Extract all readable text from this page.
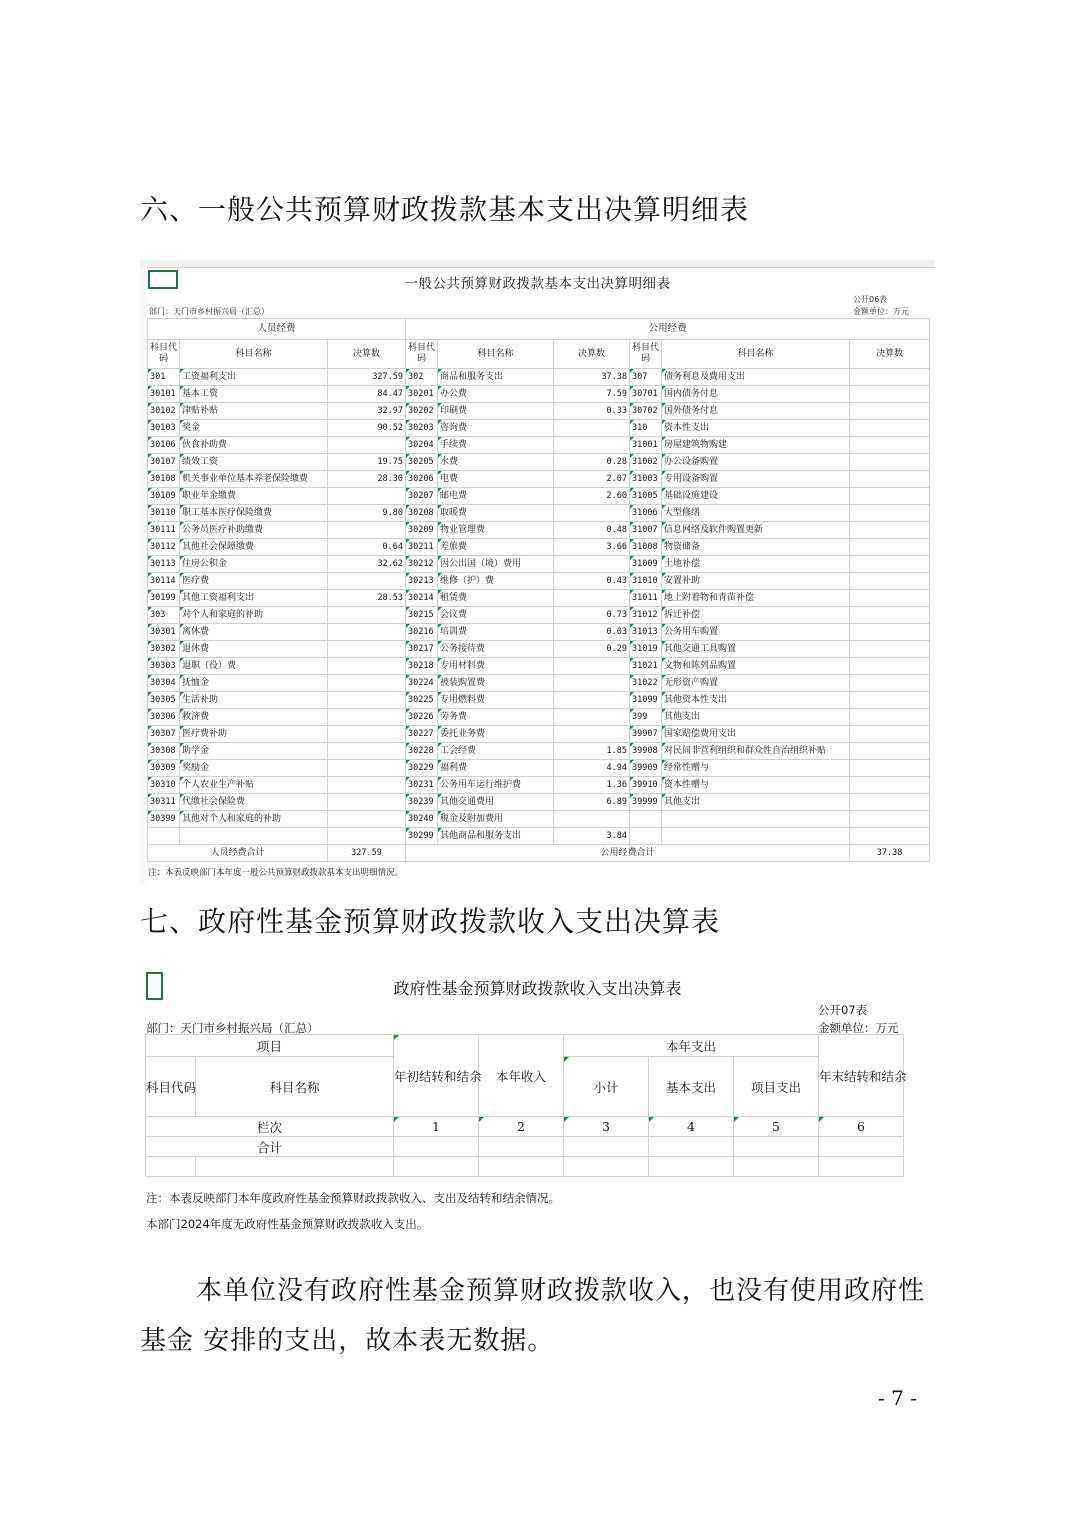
六、一般公共预算财政拨款基本支出决算明细表
一般公共预算财政拨款基本支出决算明细表
公开06表
金额单位：万元
部门：天门市乡村振兴局（汇总）
人员经费			公用经费					
科目代码	科目名称	决算数	科目代码	科目名称	决算数	科目代码	科目名称	决算数
301	工资福利支出	327.59	302	商品和服务支出	37.38	307	债务利息及费用支出	
30101	基本工资	84.47	30201	办公费	7.59	30701	国内债务付息	
30102	津贴补贴	32.97	30202	印刷费	0.33	30702	国外债务付息	
30103	奖金	90.52	30203	咨询费		310	资本性支出	
30106	伙食补助费		30204	手续费		31001	房屋建筑物购建	
30107	绩效工资	19.75	30205	水费	0.28	31002	办公设备购置	
30108	机关事业单位基本养老保险缴费	28.30	30206	电费	2.07	31003	专用设备购置	
30109	职业年金缴费		30207	邮电费	2.60	31005	基础设施建设	
30110	职工基本医疗保险缴费	9.80	30208	取暖费		31006	大型修缮	
30111	公务员医疗补助缴费		30209	物业管理费	0.48	31007	信息网络及软件购置更新	
30112	其他社会保障缴费	0.64	30211	差旅费	3.66	31008	物资储备	
30113	住房公积金	32.62	30212	因公出国（境）费用		31009	土地补偿	
30114	医疗费		30213	维修（护）费	0.43	31010	安置补助	
30199	其他工资福利支出	28.53	30214	租赁费		31011	地上附着物和青苗补偿	
303	对个人和家庭的补助		30215	会议费	0.73	31012	拆迁补偿	
30301	离休费		30216	培训费	0.03	31013	公务用车购置	
30302	退休费		30217	公务接待费	0.29	31019	其他交通工具购置	
30303	退职（役）费		30218	专用材料费		31021	文物和陈列品购置	
30304	抚恤金		30224	被装购置费		31022	无形资产购置	
30305	生活补助		30225	专用燃料费		31099	其他资本性支出	
30306	救济费		30226	劳务费		399	其他支出	
30307	医疗费补助		30227	委托业务费		39907	国家赔偿费用支出	
30308	助学金		30228	工会经费	1.85	39908	对民间非营利组织和群众性自治组织补贴	
30309	奖励金		30229	福利费	4.94	39909	经常性赠与	
30310	个人农业生产补贴		30231	公务用车运行维护费	1.36	39910	资本性赠与	
30311	代缴社会保险费		30239	其他交通费用	6.89	39999	其他支出	
30399	其他对个人和家庭的补助		30240	税金及附加费用				
			30299	其他商品和服务支出	3.84			
人员经费合计		327.59	公用经费合计					37.38
注：本表反映部门本年度一般公共预算财政拨款基本支出明细情况。
七、政府性基金预算财政拨款收入支出决算表
政府性基金预算财政拨款收入支出决算表
公开07表
金额单位：万元
部门：天门市乡村振兴局（汇总）
项目		年初结转和结余	本年收入	本年支出			年末结转和结余	
科目代码	科目名称			小计	基本支出	项目支出		
栏次		1	2	3	4	5	6	
合计								

注：本表反映部门本年度政府性基金预算财政拨款收入、支出及结转和结余情况。
本部门2024年度无政府性基金预算财政拨款收入支出。

本单位没有政府性基金预算财政拨款收入，也没有使用政府性基金 安排的支出，故本表无数据。

- 7 -
